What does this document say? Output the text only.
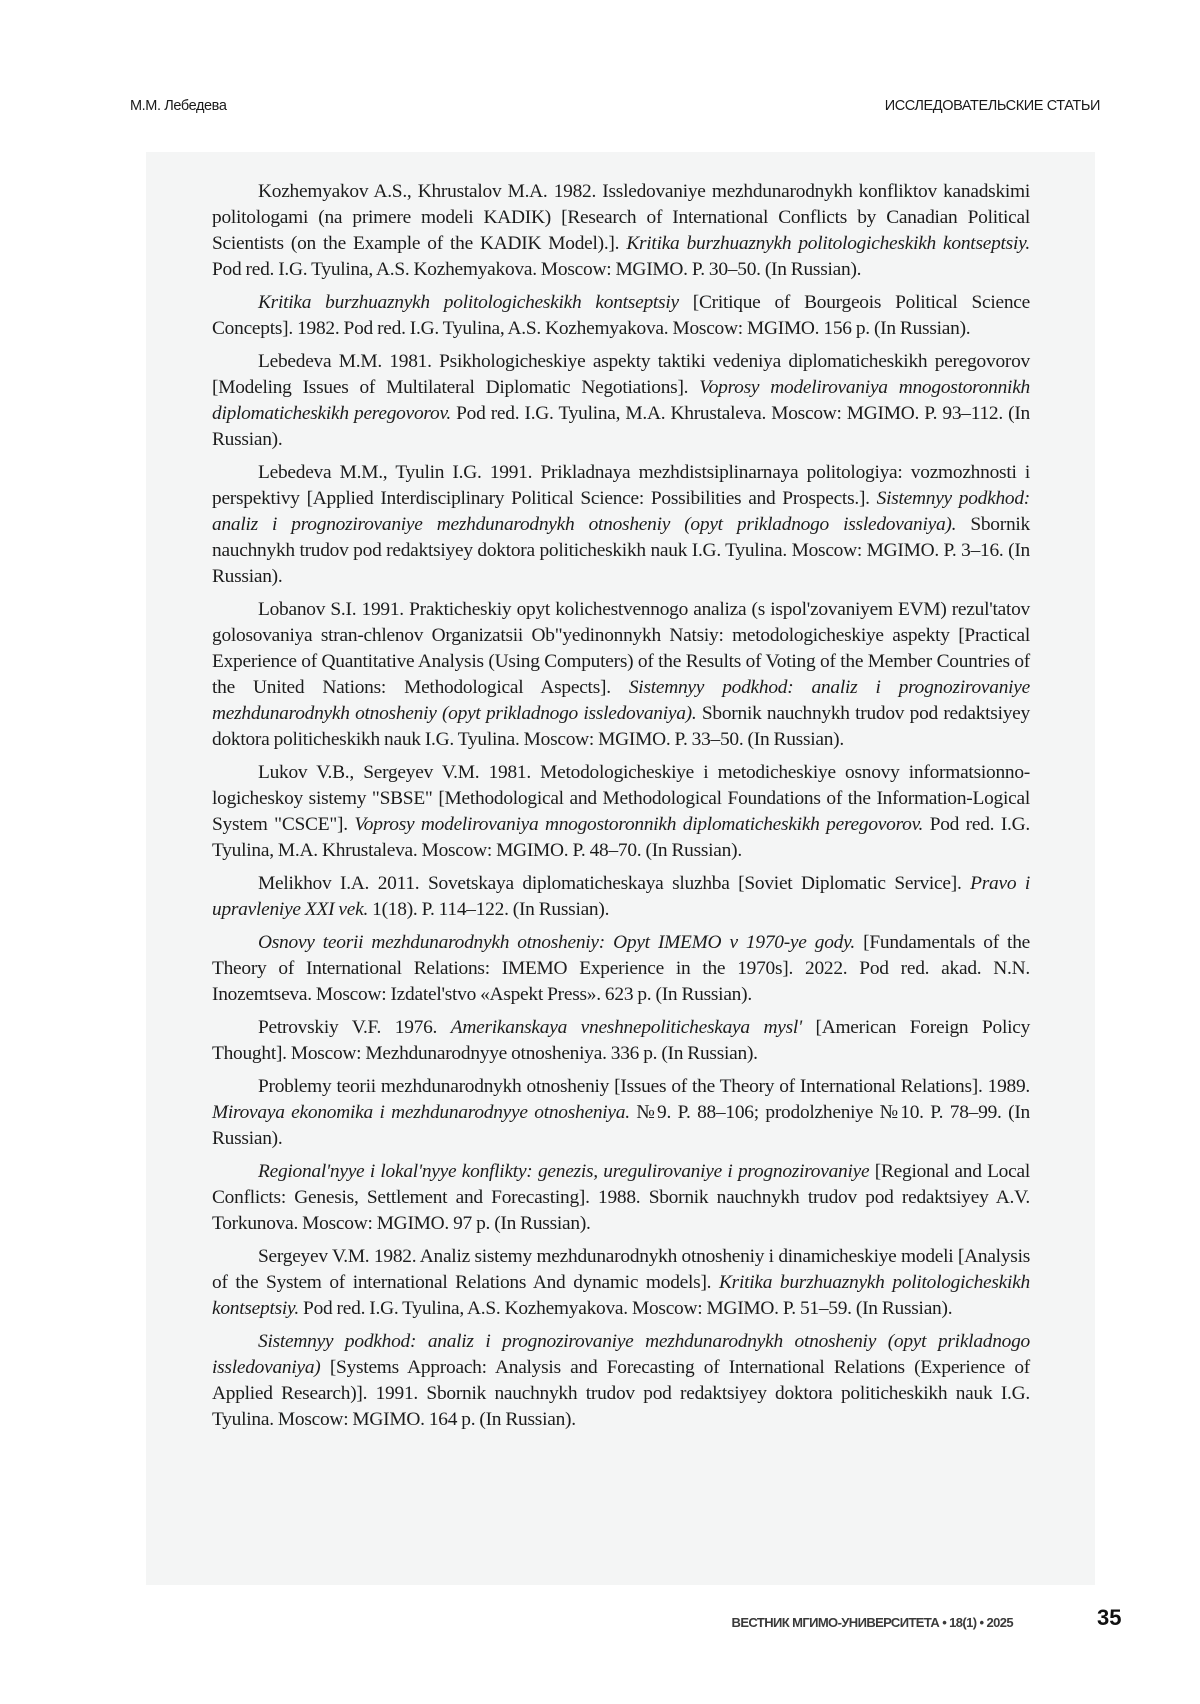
М.М. Лебедева	ИССЛЕДОВАТЕЛЬСКИЕ СТАТЬИ

Kozhemyakov A.S., Khrustalov M.A. 1982. Issledovaniye mezhdunarodnykh konfliktov kanadskimi politologami (na primere modeli KADIK) [Research of International Conflicts by Canadian Political Scientists (on the Example of the KADIK Model).]. Kritika burzhuaznykh politologicheskikh kontseptsiy. Pod red. I.G. Tyulina, A.S. Kozhemyakova. Moscow: MGIMO. P. 30–50. (In Russian).

Kritika burzhuaznykh politologicheskikh kontseptsiy [Critique of Bourgeois Political Science Concepts]. 1982. Pod red. I.G. Tyulina, A.S. Kozhemyakova. Moscow: MGIMO. 156 p. (In Russian).

Lebedeva M.M. 1981. Psikhologicheskiye aspekty taktiki vedeniya diplomaticheskikh peregovorov [Modeling Issues of Multilateral Diplomatic Negotiations]. Voprosy modelirovaniya mnogostoronnikh diplomaticheskikh peregovorov. Pod red. I.G. Tyulina, M.A. Khrustaleva. Moscow: MGIMO. P. 93–112. (In Russian).

Lebedeva M.M., Tyulin I.G. 1991. Prikladnaya mezhdistsiplinarnaya politologiya: vozmozhnosti i perspektivy [Applied Interdisciplinary Political Science: Possibilities and Prospects.]. Sistemnyy podkhod: analiz i prognozirovaniye mezhdunarodnykh otnosheniy (opyt prikladnogo issledovaniya). Sbornik nauchnykh trudov pod redaktsiyey doktora politicheskikh nauk I.G. Tyulina. Moscow: MGIMO. P. 3–16. (In Russian).

Lobanov S.I. 1991. Prakticheskiy opyt kolichestvennogo analiza (s ispol'zovaniyem EVM) rezul'tatov golosovaniya stran-chlenov Organizatsii Ob"yedinonnykh Natsiy: metodologicheskiye aspekty [Practical Experience of Quantitative Analysis (Using Computers) of the Results of Voting of the Member Countries of the United Nations: Methodological Aspects]. Sistemnyy podkhod: analiz i prognozirovaniye mezhdunarodnykh otnosheniy (opyt prikladnogo issledovaniya). Sbornik nauchnykh trudov pod redaktsiyey doktora politicheskikh nauk I.G. Tyulina. Moscow: MGIMO. P. 33–50. (In Russian).

Lukov V.B., Sergeyev V.M. 1981. Metodologicheskiye i metodicheskiye osnovy informatsionno-logicheskoy sistemy "SBSE" [Methodological and Methodological Foundations of the Information-Logical System "CSCE"]. Voprosy modelirovaniya mnogostoronnikh diplomaticheskikh peregovorov. Pod red. I.G. Tyulina, M.A. Khrustaleva. Moscow: MGIMO. P. 48–70. (In Russian).

Melikhov I.A. 2011. Sovetskaya diplomaticheskaya sluzhba [Soviet Diplomatic Service]. Pravo i upravleniye XXI vek. 1(18). P. 114–122. (In Russian).

Osnovy teorii mezhdunarodnykh otnosheniy: Opyt IMEMO v 1970-ye gody. [Fundamentals of the Theory of International Relations: IMEMO Experience in the 1970s]. 2022. Pod red. akad. N.N. Inozemtseva. Moscow: Izdatel'stvo «Aspekt Press». 623 p. (In Russian).

Petrovskiy V.F. 1976. Amerikanskaya vneshnepoliticheskaya mysl' [American Foreign Policy Thought]. Moscow: Mezhdunarodnyye otnosheniya. 336 p. (In Russian).

Problemy teorii mezhdunarodnykh otnosheniy [Issues of the Theory of International Relations]. 1989. Mirovaya ekonomika i mezhdunarodnyye otnosheniya. №9. P. 88–106; prodolzheniye №10. P. 78–99. (In Russian).

Regional'nyye i lokal'nyye konflikty: genezis, uregulirovaniye i prognozirovaniye [Regional and Local Conflicts: Genesis, Settlement and Forecasting]. 1988. Sbornik nauchnykh trudov pod redaktsiyey A.V. Torkunova. Moscow: MGIMO. 97 p. (In Russian).

Sergeyev V.M. 1982. Analiz sistemy mezhdunarodnykh otnosheniy i dinamicheskiye modeli [Analysis of the System of international Relations And dynamic models]. Kritika burzhuaznykh politologicheskikh kontseptsiy. Pod red. I.G. Tyulina, A.S. Kozhemyakova. Moscow: MGIMO. P. 51–59. (In Russian).

Sistemnyy podkhod: analiz i prognozirovaniye mezhdunarodnykh otnosheniy (opyt prikladnogo issledovaniya) [Systems Approach: Analysis and Forecasting of International Relations (Experience of Applied Research)]. 1991. Sbornik nauchnykh trudov pod redaktsiyey doktora politicheskikh nauk I.G. Tyulina. Moscow: MGIMO. 164 p. (In Russian).

ВЕСТНИК МГИМО-УНИВЕРСИТЕТА • 18(1) • 2025	35
